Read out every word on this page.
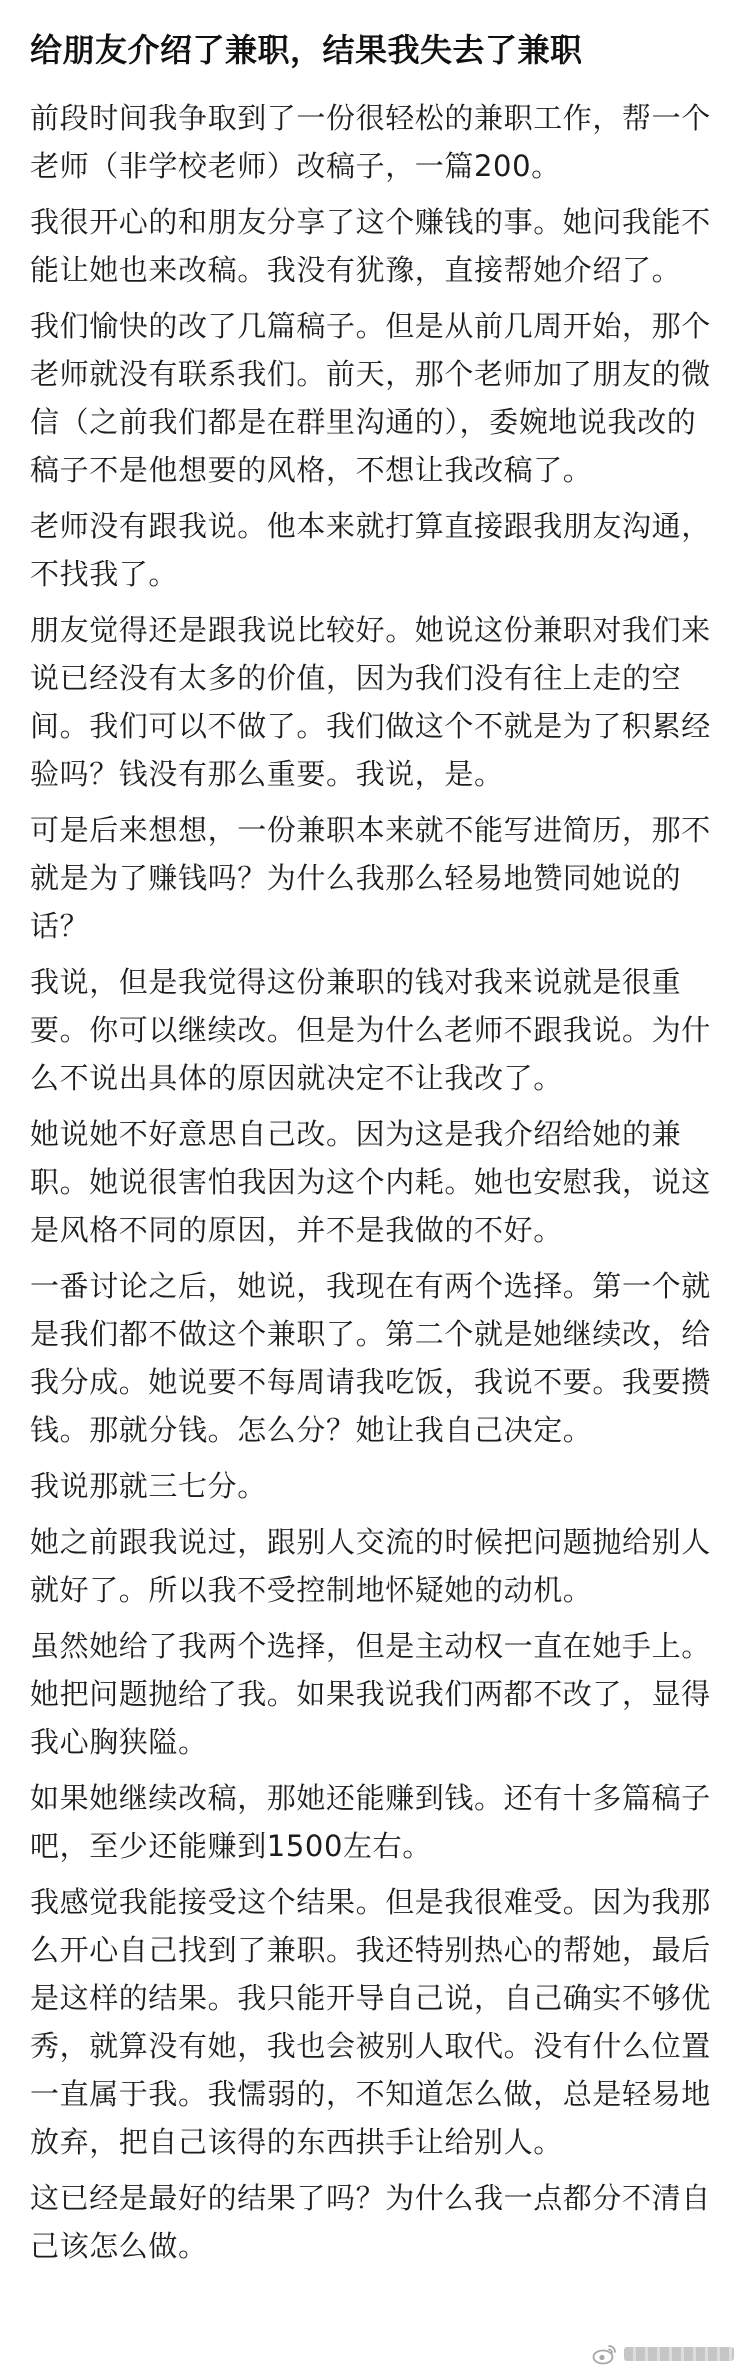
给朋友介绍了兼职，结果我失去了兼职

前段时间我争取到了一份很轻松的兼职工作，帮一个老师（非学校老师）改稿子，一篇200。

我很开心的和朋友分享了这个赚钱的事。她问我能不能让她也来改稿。我没有犹豫，直接帮她介绍了。

我们愉快的改了几篇稿子。但是从前几周开始，那个老师就没有联系我们。前天，那个老师加了朋友的微信（之前我们都是在群里沟通的），委婉地说我改的稿子不是他想要的风格，不想让我改稿了。

老师没有跟我说。他本来就打算直接跟我朋友沟通，不找我了。

朋友觉得还是跟我说比较好。她说这份兼职对我们来说已经没有太多的价值，因为我们没有往上走的空间。我们可以不做了。我们做这个不就是为了积累经验吗？钱没有那么重要。我说，是。

可是后来想想，一份兼职本来就不能写进简历，那不就是为了赚钱吗？为什么我那么轻易地赞同她说的话？

我说，但是我觉得这份兼职的钱对我来说就是很重要。你可以继续改。但是为什么老师不跟我说。为什么不说出具体的原因就决定不让我改了。

她说她不好意思自己改。因为这是我介绍给她的兼职。她说很害怕我因为这个内耗。她也安慰我，说这是风格不同的原因，并不是我做的不好。

一番讨论之后，她说，我现在有两个选择。第一个就是我们都不做这个兼职了。第二个就是她继续改，给我分成。她说要不每周请我吃饭，我说不要。我要攒钱。那就分钱。怎么分？她让我自己决定。

我说那就三七分。

她之前跟我说过，跟别人交流的时候把问题抛给别人就好了。所以我不受控制地怀疑她的动机。

虽然她给了我两个选择，但是主动权一直在她手上。她把问题抛给了我。如果我说我们两都不改了，显得我心胸狭隘。

如果她继续改稿，那她还能赚到钱。还有十多篇稿子吧，至少还能赚到1500左右。

我感觉我能接受这个结果。但是我很难受。因为我那么开心自己找到了兼职。我还特别热心的帮她，最后是这样的结果。我只能开导自己说，自己确实不够优秀，就算没有她，我也会被别人取代。没有什么位置一直属于我。我懦弱的，不知道怎么做，总是轻易地放弃，把自己该得的东西拱手让给别人。

这已经是最好的结果了吗？为什么我一点都分不清自己该怎么做。
